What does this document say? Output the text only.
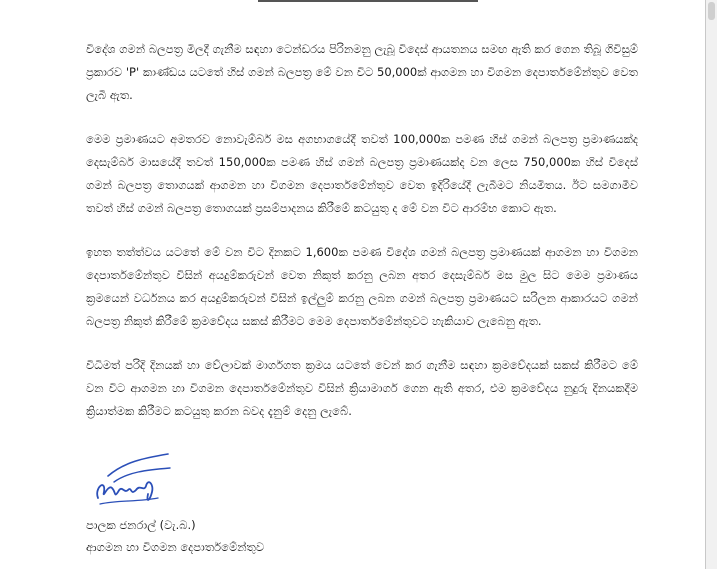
විදේශ ගමන් බලපත්‍ර මිලදී ගැනීම සඳහා ටෙන්ඩරය පිරිනමනු ලැබූ විදෙස් ආයතනය සමඟ ඇති කර ගෙන තිබූ ගිවිසුම් ප්‍රකාරව 'P' කාණ්ඩය යටතේ හිස් ගමන් බලපත්‍ර මේ වන විට 50,000ක් ආගමන හා විගමන දෙපාර්තමේන්තුව වෙත ලැබී ඇත.

මෙම ප්‍රමාණයට අමතරව නොවැම්බර් මස අගභාගයේදී තවත් 100,000ක පමණ හිස් ගමන් බලපත්‍ර ප්‍රමාණයක්ද දෙසැම්බර් මාසයේදී තවත් 150,000ක පමණ හිස් ගමන් බලපත්‍ර ප්‍රමාණයක්ද වන ලෙස 750,000ක හිස් විදෙස් ගමන් බලපත්‍ර තොගයක් ආගමන හා විගමන දෙපාර්තමේන්තුව වෙත ඉදිරියේදී ලැබීමට නියමිතය. ඊට සමගාමීව තවත් හිස් ගමන් බලපත්‍ර තොගයක් ප්‍රසම්පාදනය කිරීමේ කටයුතු ද මේ වන විට ආරම්භ කොට ඇත.

ඉහත තත්ත්වය යටතේ මේ වන විට දිනකට 1,600ක පමණ විදේශ ගමන් බලපත්‍ර ප්‍රමාණයක් ආගමන හා විගමන දෙපාර්තමේන්තුව විසින් අයදුම්කරුවන් වෙත නිකුත් කරනු ලබන අතර දෙසැම්බර් මස මුල සිට මෙම ප්‍රමාණය ක්‍රමයෙන් වර්ධනය කර අයදුම්කරුවන් විසින් ඉල්ලුම් කරනු ලබන ගමන් බලපත්‍ර ප්‍රමාණයට සරිලන ආකාරයට ගමන් බලපත්‍ර නිකුත් කිරීමේ ක්‍රමවේදය සකස් කිරීමට මෙම දෙපාර්තමේන්තුවට හැකියාව ලැබෙනු ඇත.

විධිමත් පරිදි දිනයක් හා වේලාවක් මාර්ගගත ක්‍රමය යටතේ වෙන් කර ගැනීම සඳහා ක්‍රමවේදයක් සකස් කිරීමට මේ වන විට ආගමන හා විගමන දෙපාර්තමේන්තුව විසින් ක්‍රියාමාර්ග ගෙන ඇති අතර, එම ක්‍රමවේදය නුදුරු දිනයකදීම ක්‍රියාත්මක කිරීමට කටයුතු කරන බවද දැනුම් දෙනු ලැබේ.

පාලක ජනරාල් (වැ.බ.)
ආගමන හා විගමන දෙපාර්තමේන්තුව
